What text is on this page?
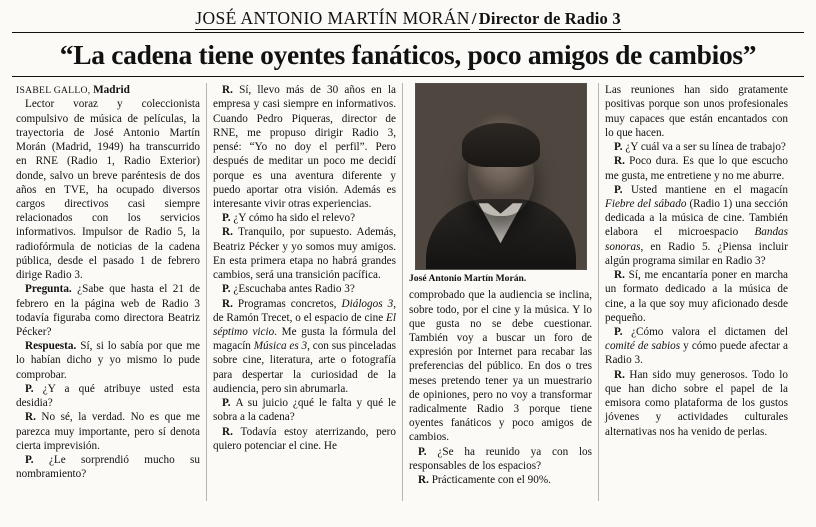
JOSÉ ANTONIO MARTÍN MORÁN / Director de Radio 3
“La cadena tiene oyentes fanáticos, poco amigos de cambios”

ISABEL GALLO, Madrid

Lector voraz y coleccionista compulsivo de música de películas, la trayectoria de José Antonio Martín Morán (Madrid, 1949) ha transcurrido en RNE (Radio 1, Radio Exterior) donde, salvo un breve paréntesis de dos años en TVE, ha ocupado diversos cargos directivos casi siempre relacionados con los servicios informativos. Impulsor de Radio 5, la radiofórmula de noticias de la cadena pública, desde el pasado 1 de febrero dirige Radio 3.

Pregunta. ¿Sabe que hasta el 21 de febrero en la página web de Radio 3 todavía figuraba como directora Beatriz Pécker?

Respuesta. Sí, si lo sabía por que me lo habían dicho y yo mismo lo pude comprobar.

P. ¿Y a qué atribuye usted esta desidia?

R. No sé, la verdad. No es que me parezca muy importante, pero sí denota cierta imprevisión.

P. ¿Le sorprendió mucho su nombramiento?

R. Sí, llevo más de 30 años en la empresa y casi siempre en informativos. Cuando Pedro Piqueras, director de RNE, me propuso dirigir Radio 3, pensé: “Yo no doy el perfil”. Pero después de meditar un poco me decidí porque es una aventura diferente y puedo aportar otra visión. Además es interesante vivir otras experiencias.

P. ¿Y cómo ha sido el relevo?

R. Tranquilo, por supuesto. Además, Beatriz Pécker y yo somos muy amigos. En esta primera etapa no habrá grandes cambios, será una transición pacífica.

P. ¿Escuchaba antes Radio 3?

R. Programas concretos, Diálogos 3, de Ramón Trecet, o el espacio de cine El séptimo vicio. Me gusta la fórmula del magacín Música es 3, con sus pinceladas sobre cine, literatura, arte o fotografía para despertar la curiosidad de la audiencia, pero sin abrumarla.

P. A su juicio ¿qué le falta y qué le sobra a la cadena?

R. Todavía estoy aterrizando, pero quiero potenciar el cine. He

José Antonio Martín Morán.

comprobado que la audiencia se inclina, sobre todo, por el cine y la música. Y lo que gusta no se debe cuestionar. También voy a buscar un foro de expresión por Internet para recabar las preferencias del público. En dos o tres meses pretendo tener ya un muestrario de opiniones, pero no voy a transformar radicalmente Radio 3 porque tiene oyentes fanáticos y poco amigos de cambios.

P. ¿Se ha reunido ya con los responsables de los espacios?

R. Prácticamente con el 90%.

Las reuniones han sido gratamente positivas porque son unos profesionales muy capaces que están encantados con lo que hacen.

P. ¿Y cuál va a ser su línea de trabajo?

R. Poco dura. Es que lo que escucho me gusta, me entretiene y no me aburre.

P. Usted mantiene en el magacín Fiebre del sábado (Radio 1) una sección dedicada a la música de cine. También elabora el microespacio Bandas sonoras, en Radio 5. ¿Piensa incluir algún programa similar en Radio 3?

R. Sí, me encantaría poner en marcha un formato dedicado a la música de cine, a la que soy muy aficionado desde pequeño.

P. ¿Cómo valora el dictamen del comité de sabios y cómo puede afectar a Radio 3.

R. Han sido muy generosos. Todo lo que han dicho sobre el papel de la emisora como plataforma de los gustos jóvenes y actividades culturales alternativas nos ha venido de perlas.
